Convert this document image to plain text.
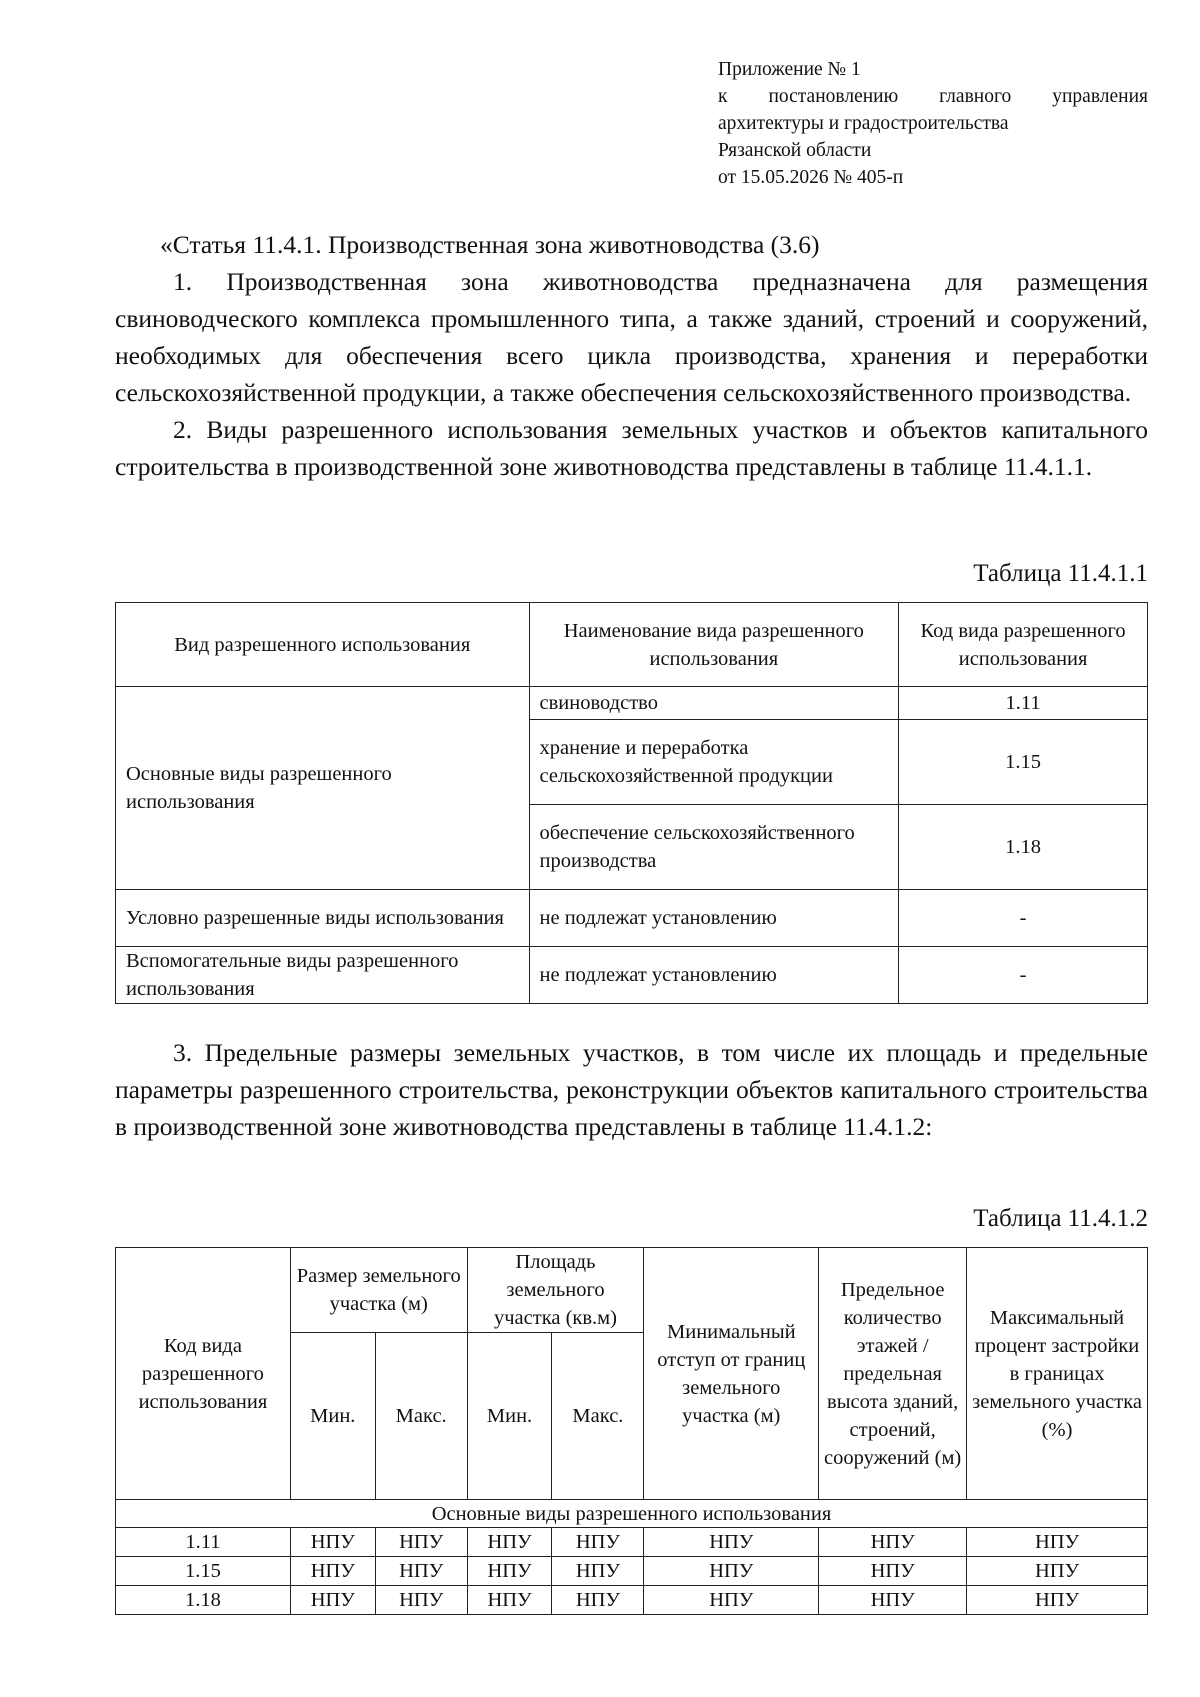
Приложение № 1
к постановлению главного управления
архитектуры и градостроительства
Рязанской области
от 15.05.2026 № 405-п

«Статья 11.4.1. Производственная зона животноводства (3.6)

1. Производственная зона животноводства предназначена для размещения свиноводческого комплекса промышленного типа, а также зданий, строений и сооружений, необходимых для обеспечения всего цикла производства, хранения и переработки сельскохозяйственной продукции, а также обеспечения сельскохозяйственного производства.

2. Виды разрешенного использования земельных участков и объектов капитального строительства в производственной зоне животноводства представлены в таблице 11.4.1.1.

Таблица 11.4.1.1
Вид разрешенного использования	Наименование вида разрешенного использования	Код вида разрешенного использования
Основные виды разрешенного использования	свиноводство	1.11
	хранение и переработка сельскохозяйственной продукции	1.15
	обеспечение сельскохозяйственного производства	1.18
Условно разрешенные виды использования	не подлежат установлению	-
Вспомогательные виды разрешенного использования	не подлежат установлению	-

3. Предельные размеры земельных участков, в том числе их площадь и предельные параметры разрешенного строительства, реконструкции объектов капитального строительства в производственной зоне животноводства представлены в таблице 11.4.1.2:

Таблица 11.4.1.2
Код вида разрешенного использования	Размер земельного участка (м)		Площадь земельного участка (кв.м)		Минимальный отступ от границ земельного участка (м)	Предельное количество этажей / предельная высота зданий, строений, сооружений (м)	Максимальный процент застройки в границах земельного участка (%)
	Мин.	Макс.	Мин.	Макс.			
Основные виды разрешенного использования							
1.11	НПУ	НПУ	НПУ	НПУ	НПУ	НПУ	НПУ
1.15	НПУ	НПУ	НПУ	НПУ	НПУ	НПУ	НПУ
1.18	НПУ	НПУ	НПУ	НПУ	НПУ	НПУ	НПУ
